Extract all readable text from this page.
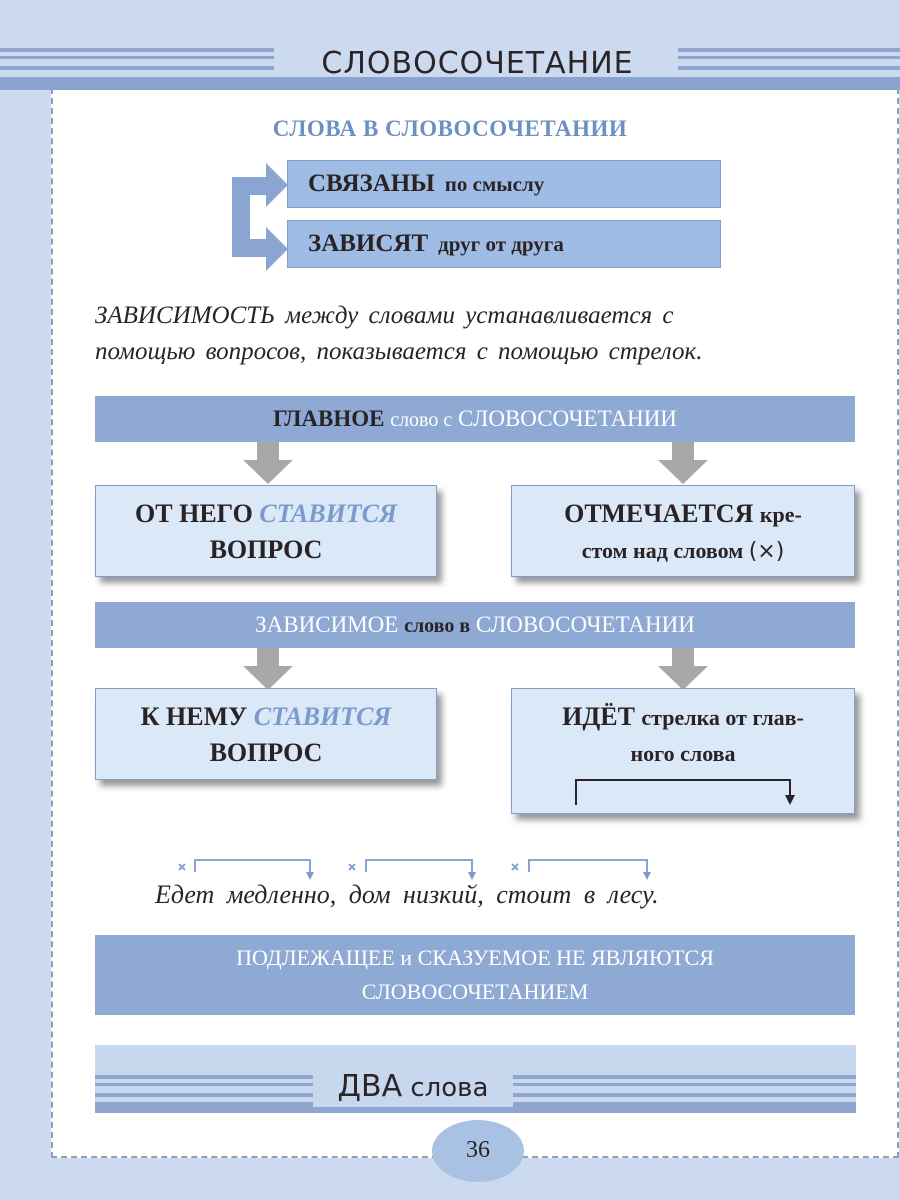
СЛОВОСОЧЕТАНИЕ
СЛОВА В СЛОВОСОЧЕТАНИИ
СВЯЗАНЫ по смыслу
ЗАВИСЯТ друг от друга
ЗАВИСИМОСТЬ между словами устанавливается с
помощью вопросов, показывается с помощью стрелок.
ГЛАВНОЕ слово с СЛОВОСОЧЕТАНИИ
ОТ НЕГО СТАВИТСЯ
ВОПРОС
ОТМЕЧАЕТСЯ кре-
стом над словом (×)
ЗАВИСИМОЕ слово в СЛОВОСОЧЕТАНИИ
К НЕМУ СТАВИТСЯ
ВОПРОС
ИДЁТ стрелка от глав-
ного слова
Едет медленно, дом низкий, стоит в лесу.
ПОДЛЕЖАЩЕЕ и СКАЗУЕМОЕ НЕ ЯВЛЯЮТСЯ
СЛОВОСОЧЕТАНИЕМ
ДВА слова
36
